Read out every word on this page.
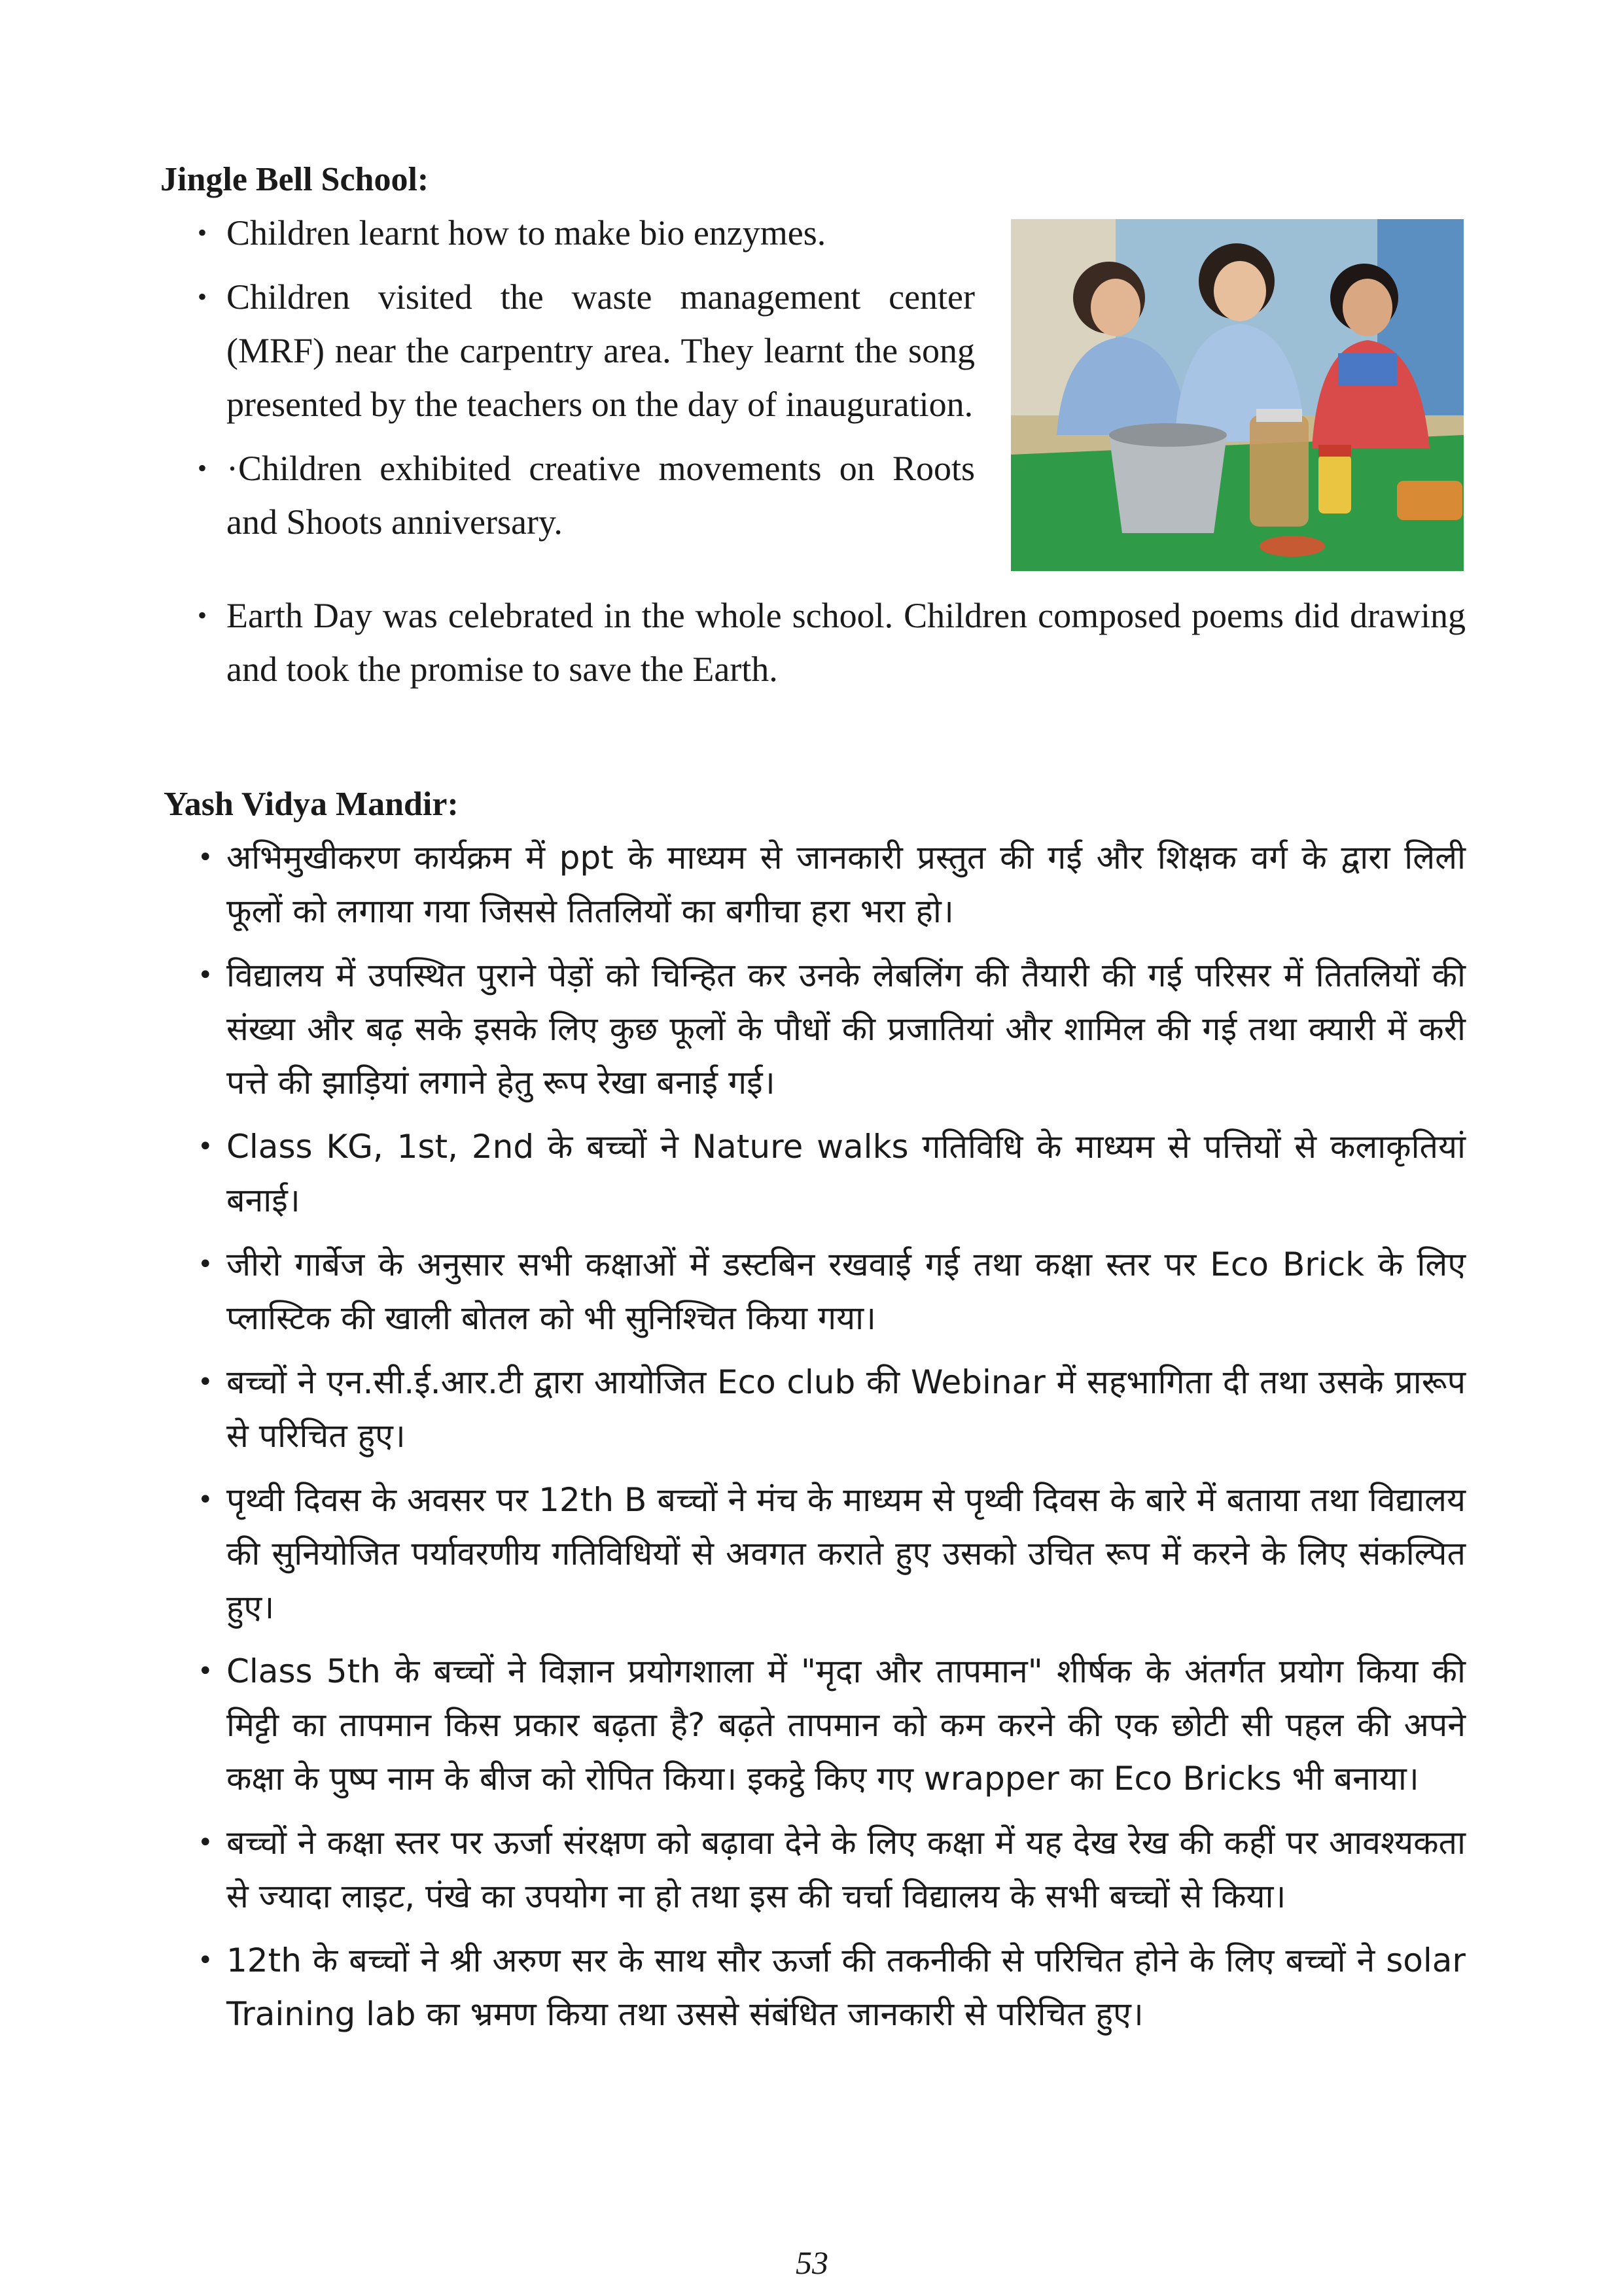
Jingle Bell School:
• Children learnt how to make bio enzymes.
• Children visited the waste management center (MRF) near the carpentry area. They learnt the song presented by the teachers on the day of inauguration.
• ·Children exhibited creative movements on Roots and Shoots anniversary.
• Earth Day was celebrated in the whole school. Children composed poems did drawing and took the promise to save the Earth.
Yash Vidya Mandir:
• अभिमुखीकरण कार्यक्रम में ppt के माध्यम से जानकारी प्रस्तुत की गई और शिक्षक वर्ग के द्वारा लिली फूलों को लगाया गया जिससे तितलियों का बगीचा हरा भरा हो।
• विद्यालय में उपस्थित पुराने पेड़ों को चिन्हित कर उनके लेबलिंग की तैयारी की गई परिसर में तितलियों की संख्या और बढ़ सके इसके लिए कुछ फूलों के पौधों की प्रजातियां और शामिल की गई तथा क्यारी में करी पत्ते की झाड़ियां लगाने हेतु रूप रेखा बनाई गई।
• Class KG, 1st, 2nd के बच्चों ने Nature walks गतिविधि के माध्यम से पत्तियों से कलाकृतियां बनाई।
• जीरो गार्बेज के अनुसार सभी कक्षाओं में डस्टबिन रखवाई गई तथा कक्षा स्तर पर Eco Brick के लिए प्लास्टिक की खाली बोतल को भी सुनिश्चित किया गया।
• बच्चों ने एन.सी.ई.आर.टी द्वारा आयोजित Eco club की Webinar में सहभागिता दी तथा उसके प्रारूप से परिचित हुए।
• पृथ्वी दिवस के अवसर पर 12th B बच्चों ने मंच के माध्यम से पृथ्वी दिवस के बारे में बताया तथा विद्यालय की सुनियोजित पर्यावरणीय गतिविधियों से अवगत कराते हुए उसको उचित रूप में करने के लिए संकल्पित हुए।
• Class 5th के बच्चों ने विज्ञान प्रयोगशाला में "मृदा और तापमान" शीर्षक के अंतर्गत प्रयोग किया की मिट्टी का तापमान किस प्रकार बढ़ता है? बढ़ते तापमान को कम करने की एक छोटी सी पहल की अपने कक्षा के पुष्प नाम के बीज को रोपित किया। इकट्ठे किए गए wrapper का Eco Bricks भी बनाया।
• बच्चों ने कक्षा स्तर पर ऊर्जा संरक्षण को बढ़ावा देने के लिए कक्षा में यह देख रेख की कहीं पर आवश्यकता से ज्यादा लाइट, पंखे का उपयोग ना हो तथा इस की चर्चा विद्यालय के सभी बच्चों से किया।
• 12th के बच्चों ने श्री अरुण सर के साथ सौर ऊर्जा की तकनीकी से परिचित होने के लिए बच्चों ने solar Training lab का भ्रमण किया तथा उससे संबंधित जानकारी से परिचित हुए।
53
